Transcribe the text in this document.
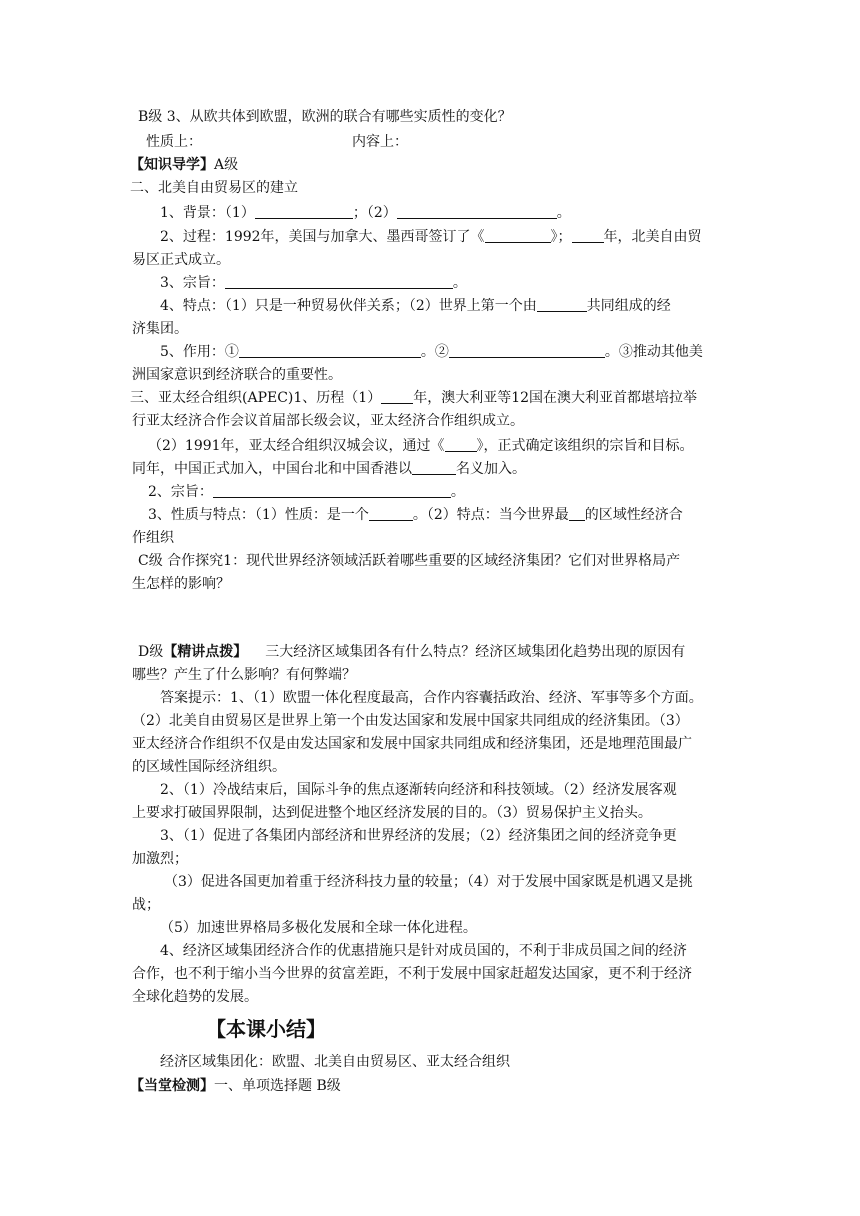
B级 3、从欧共体到欧盟，欧洲的联合有哪些实质性的变化？
性质上：	内容上：
【知识导学】A级
二、北美自由贸易区的建立
1、背景：（1）	；（2）	。
2、过程：1992年，美国与加拿大、墨西哥签订了《	》； 年，北美自由贸
易区正式成立。
3、宗旨：	。
4、特点：（1）只是一种贸易伙伴关系；（2）世界上第一个由	共同组成的经
济集团。
5、作用：①	。②	。③推动其他美
洲国家意识到经济联合的重要性。
三、亚太经合组织(APEC)1、历程（1） 年，澳大利亚等12国在澳大利亚首都堪培拉举
行亚太经济合作会议首届部长级会议，亚太经济合作组织成立。
（2）1991年，亚太经合组织汉城会议，通过《 》，正式确定该组织的宗旨和目标。
同年，中国正式加入，中国台北和中国香港以	名义加入。
2、宗旨：	。
3、性质与特点：（1）性质：是一个	。（2）特点：当今世界最 的区域性经济合
作组织
C级 合作探究1：现代世界经济领域活跃着哪些重要的区域经济集团？它们对世界格局产
生怎样的影响？
D级【精讲点拨】 三大经济区域集团各有什么特点？经济区域集团化趋势出现的原因有
哪些？产生了什么影响？有何弊端？
答案提示：1、（1）欧盟一体化程度最高，合作内容囊括政治、经济、军事等多个方面。
（2）北美自由贸易区是世界上第一个由发达国家和发展中国家共同组成的经济集团。（3）
亚太经济合作组织不仅是由发达国家和发展中国家共同组成和经济集团，还是地理范围最广
的区域性国际经济组织。
2、（1）冷战结束后，国际斗争的焦点逐渐转向经济和科技领域。（2）经济发展客观
上要求打破国界限制，达到促进整个地区经济发展的目的。（3）贸易保护主义抬头。
3、（1）促进了各集团内部经济和世界经济的发展；（2）经济集团之间的经济竞争更
加激烈；
（3）促进各国更加着重于经济科技力量的较量；（4）对于发展中国家既是机遇又是挑
战；
（5）加速世界格局多极化发展和全球一体化进程。
4、经济区域集团经济合作的优惠措施只是针对成员国的，不利于非成员国之间的经济
合作，也不利于缩小当今世界的贫富差距，不利于发展中国家赶超发达国家，更不利于经济
全球化趋势的发展。
【本课小结】
经济区域集团化：欧盟、北美自由贸易区、亚太经合组织
【当堂检测】一、单项选择题 B级
